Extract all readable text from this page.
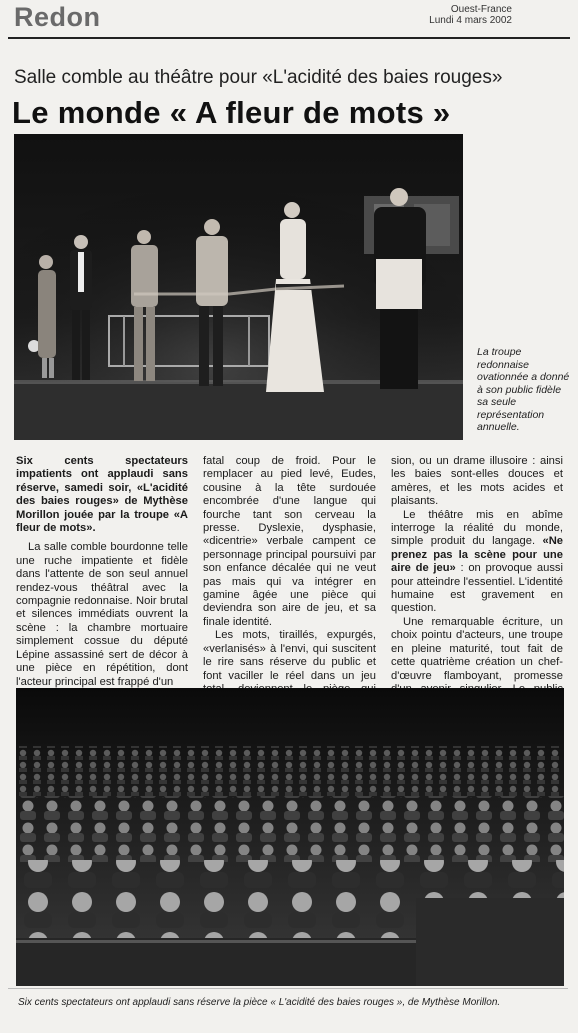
Redon	Ouest-France
Lundi 4 mars 2002
Salle comble au théâtre pour «L'acidité des baies rouges»
Le monde « A fleur de mots »
La troupe redonnaise ovationnée a donné à son public fidèle sa seule représentation annuelle.

Six cents spectateurs impatients ont applaudi sans réserve, samedi soir, «L'acidité des baies rouges» de Mythèse Morillon jouée par la troupe «A fleur de mots».

La salle comble bourdonne telle une ruche impatiente et fidèle dans l'attente de son seul annuel rendez-vous théâtral avec la compagnie redonnaise. Noir brutal et silences immédiats ouvrent la scène : la chambre mortuaire simplement cossue du député Lépine assassiné sert de décor à une pièce en répétition, dont l'acteur principal est frappé d'un

fatal coup de froid. Pour le remplacer au pied levé, Eudes, cousine à la tête surdouée encombrée d'une langue qui fourche tant son cerveau la presse. Dyslexie, dysphasie, «dicentrie» verbale campent ce personnage principal poursuivi par son enfance décalée qui ne veut pas mais qui va intégrer en gamine âgée une pièce qui deviendra son aire de jeu, et sa finale identité.

Les mots, tiraillés, expurgés, «verlanisés» à l'envi, qui suscitent le rire sans réserve du public et font vaciller le réel dans un jeu

sion, ou un drame illusoire : ainsi les baies sont-elles douces et amères, et les mots acides et plaisants.

Le théâtre mis en abîme interroge la réalité du monde, simple produit du langage. «Ne prenez pas la scène pour une aire de jeu» : on provoque aussi pour atteindre l'essentiel. L'identité humaine est gravement en question.

Une remarquable écriture, un choix pointu d'acteurs, une troupe en pleine maturité, tout fait de cette quatrième création un chef-d'œuvre flamboyant, promesse

Six cents spectateurs ont applaudi sans réserve la pièce « L'acidité des baies rouges », de Mythèse Morillon.
